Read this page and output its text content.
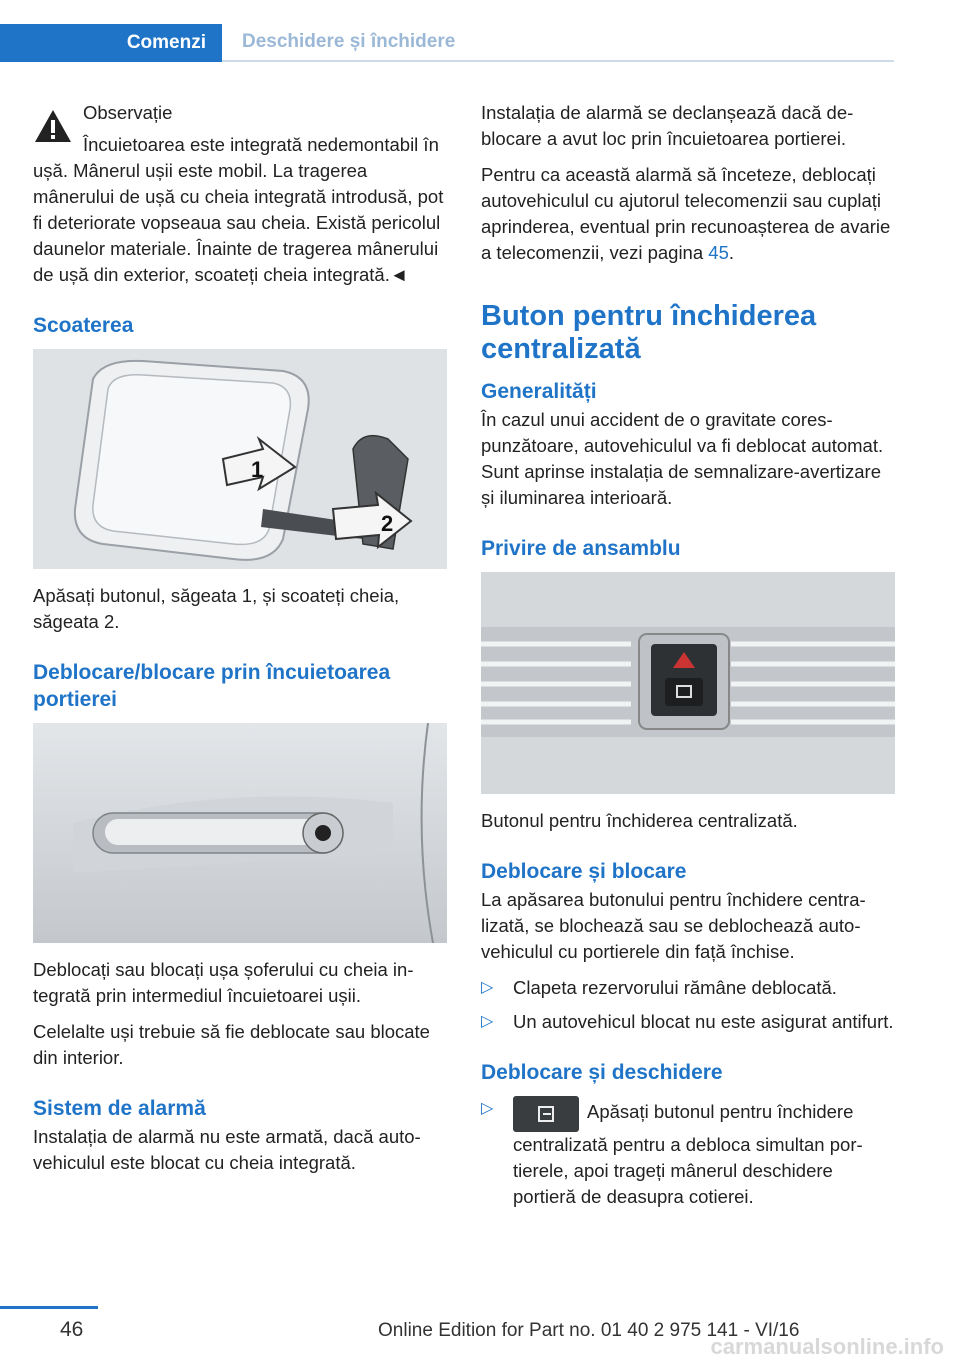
Comenzi	Deschidere și închidere

Observație

Încuietoarea este integrată nedemontabil în ușă. Mânerul ușii este mobil. La tragerea mânerului de ușă cu cheia integrată introdusă, pot fi deteriorate vopseaua sau cheia. Există pericolul daunelor materiale. Înainte de tragerea mânerului de ușă din exterior, scoateți cheia integrată.◄

Scoaterea
1
2

Apăsați butonul, săgeata 1, și scoateți cheia, săgeata 2.

Deblocare/blocare prin încuietoarea portierei

Deblocați sau blocați ușa șoferului cu cheia integrată prin intermediul încuietoarei ușii.

Celelalte uși trebuie să fie deblocate sau blocate din interior.

Sistem de alarmă

Instalația de alarmă nu este armată, dacă autovehiculul este blocat cu cheia integrată.

Instalația de alarmă se declanșează dacă deblocare a avut loc prin încuietoarea portierei.

Pentru ca această alarmă să înceteze, deblocați autovehiculul cu ajutorul telecomenzii sau cuplați aprinderea, eventual prin recunoașterea de avarie a telecomenzii, vezi pagina 45.

Buton pentru închiderea centralizată
Generalități

În cazul unui accident de o gravitate corespunzătoare, autovehiculul va fi deblocat automat. Sunt aprinse instalația de semnalizare-avertizare și iluminarea interioară.

Privire de ansamblu

Butonul pentru închiderea centralizată.

Deblocare și blocare

La apăsarea butonului pentru închidere centralizată, se blochează sau se deblochează autovehiculul cu portierele din față închise.

▷ Clapeta rezervorului rămâne deblocată.
▷ Un autovehicul blocat nu este asigurat antifurt.
Deblocare și deschidere
▷	Apăsați butonul pentru închidere centralizată pentru a debloca simultan portierele, apoi trageți mânerul deschidere portieră de deasupra cotierei.
46	Online Edition for Part no. 01 40 2 975 141 - VI/16
carmanualsonline.info
